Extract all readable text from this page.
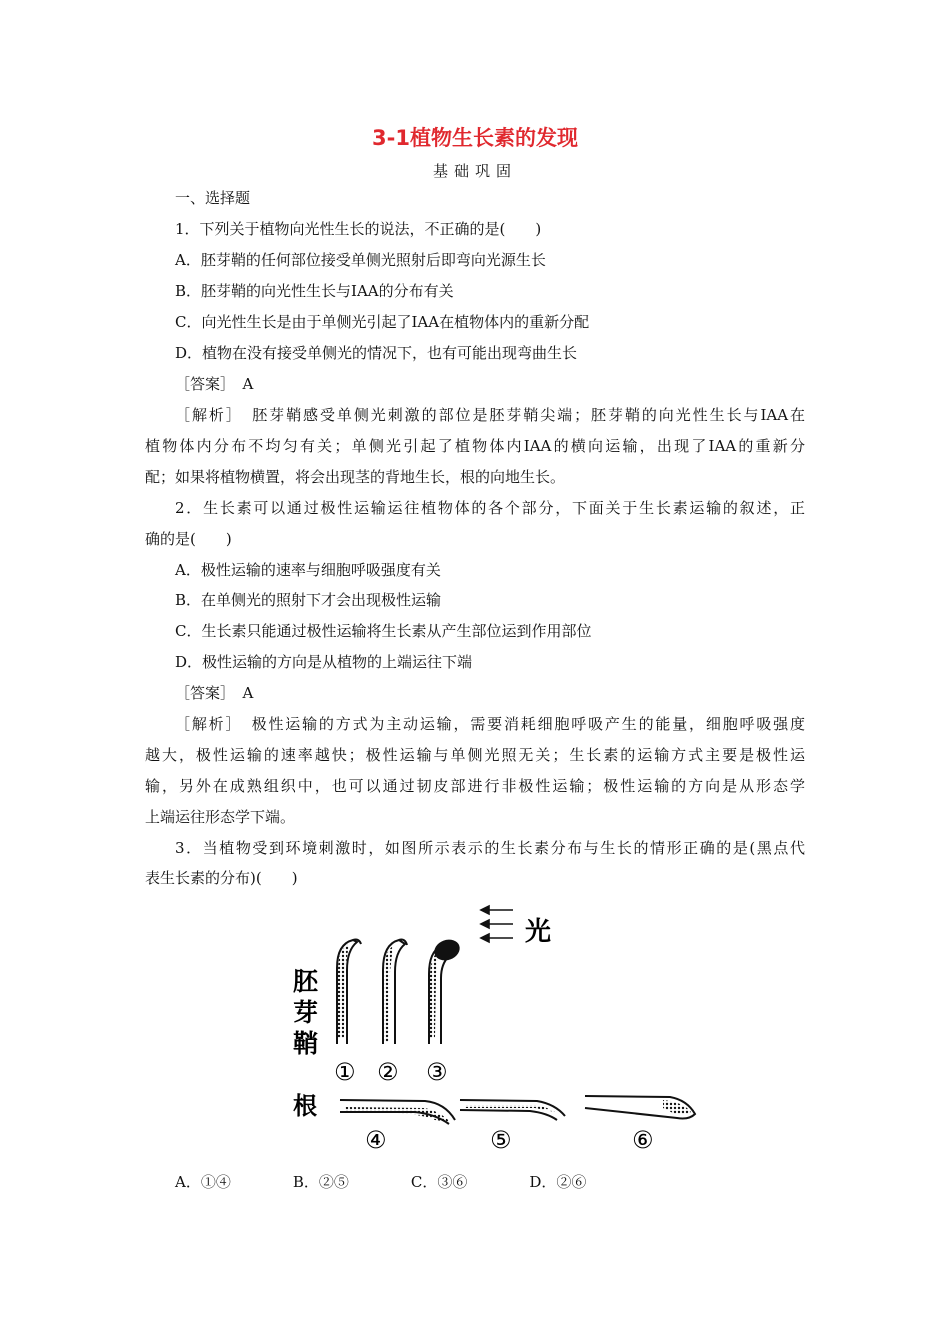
3-1植物生长素的发现
基础巩固
一、选择题
1．下列关于植物向光性生长的说法，不正确的是(　　)
A．胚芽鞘的任何部位接受单侧光照射后即弯向光源生长
B．胚芽鞘的向光性生长与IAA的分布有关
C．向光性生长是由于单侧光引起了IAA在植物体内的重新分配
D．植物在没有接受单侧光的情况下，也有可能出现弯曲生长
［答案］　A
［解析］　胚芽鞘感受单侧光刺激的部位是胚芽鞘尖端；胚芽鞘的向光性生长与IAA在
植物体内分布不均匀有关；单侧光引起了植物体内IAA的横向运输，出现了IAA的重新分
配；如果将植物横置，将会出现茎的背地生长，根的向地生长。
2．生长素可以通过极性运输运往植物体的各个部分，下面关于生长素运输的叙述，正
确的是(　　)
A．极性运输的速率与细胞呼吸强度有关
B．在单侧光的照射下才会出现极性运输
C．生长素只能通过极性运输将生长素从产生部位运到作用部位
D．极性运输的方向是从植物的上端运往下端
［答案］　A
［解析］　极性运输的方式为主动运输，需要消耗细胞呼吸产生的能量，细胞呼吸强度
越大，极性运输的速率越快；极性运输与单侧光照无关；生长素的运输方式主要是极性运
输，另外在成熟组织中，也可以通过韧皮部进行非极性运输；极性运输的方向是从形态学
上端运往形态学下端。
3．当植物受到环境刺激时，如图所示表示的生长素分布与生长的情形正确的是(黑点代
表生长素的分布)(　　)
光
胚
芽
鞘
① ② ③
根
④	⑤	⑥
A．①④	B．②⑤	C．③⑥	D．②⑥
